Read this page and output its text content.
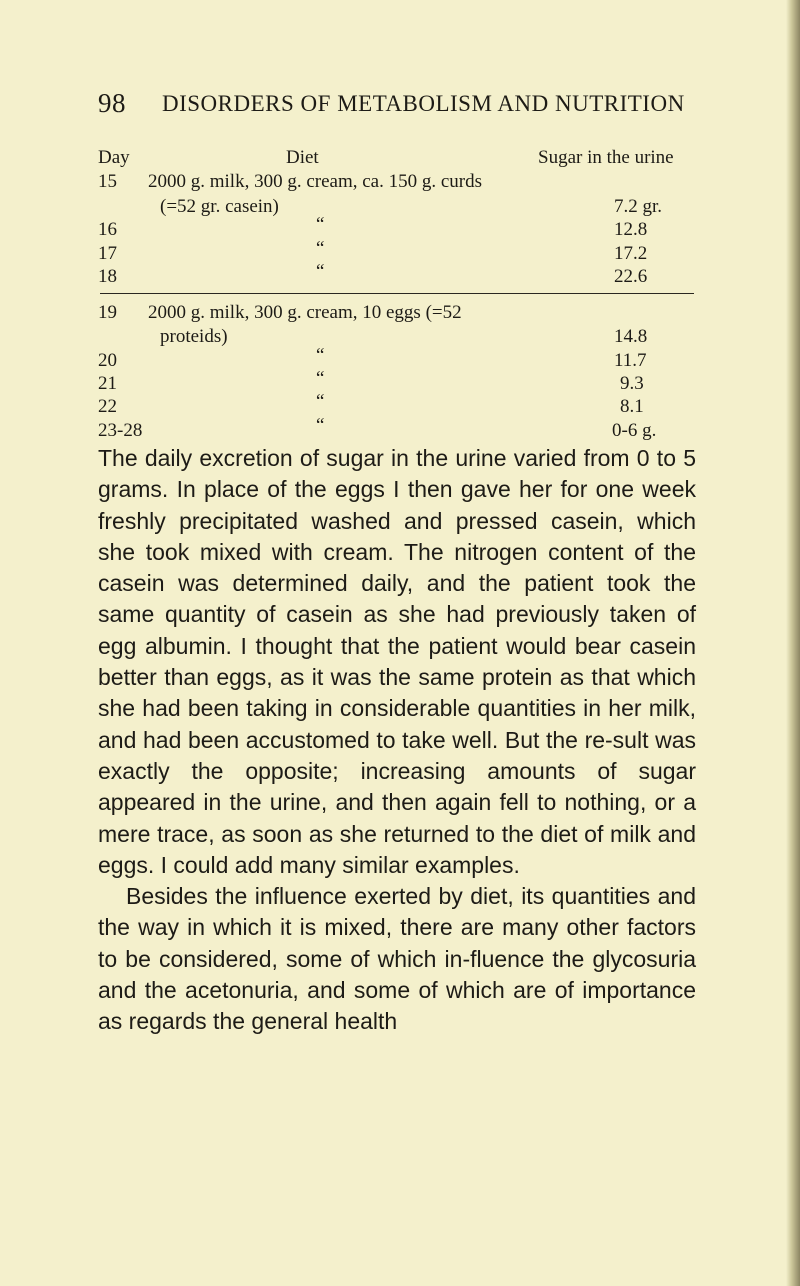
98 DISORDERS OF METABOLISM AND NUTRITION
Day	Diet	Sugar in the urine
15 2000 g. milk, 300 g. cream, ca. 150 g. curds
(=52 gr. casein)	7.2 gr.
16	“	12.8
17	“	17.2
18	“	22.6
19 2000 g. milk, 300 g. cream, 10 eggs (=52
proteids)	14.8
20	“	11.7
21	“	9.3
22	“	8.1
23-28	“	0-6 g.

The daily excretion of sugar in the urine varied from 0 to 5 grams. In place of the eggs I then gave her for one week freshly precipitated washed and pressed casein, which she took mixed with cream. The nitrogen content of the casein was determined daily, and the patient took the same quantity of casein as she had previously taken of egg albumin. I thought that the patient would bear casein better than eggs, as it was the same protein as that which she had been taking in considerable quantities in her milk, and had been accustomed to take well. But the re-sult was exactly the opposite; increasing amounts of sugar appeared in the urine, and then again fell to nothing, or a mere trace, as soon as she returned to the diet of milk and eggs. I could add many similar examples.

Besides the influence exerted by diet, its quantities and the way in which it is mixed, there are many other factors to be considered, some of which in-fluence the glycosuria and the acetonuria, and some of which are of importance as regards the general health
